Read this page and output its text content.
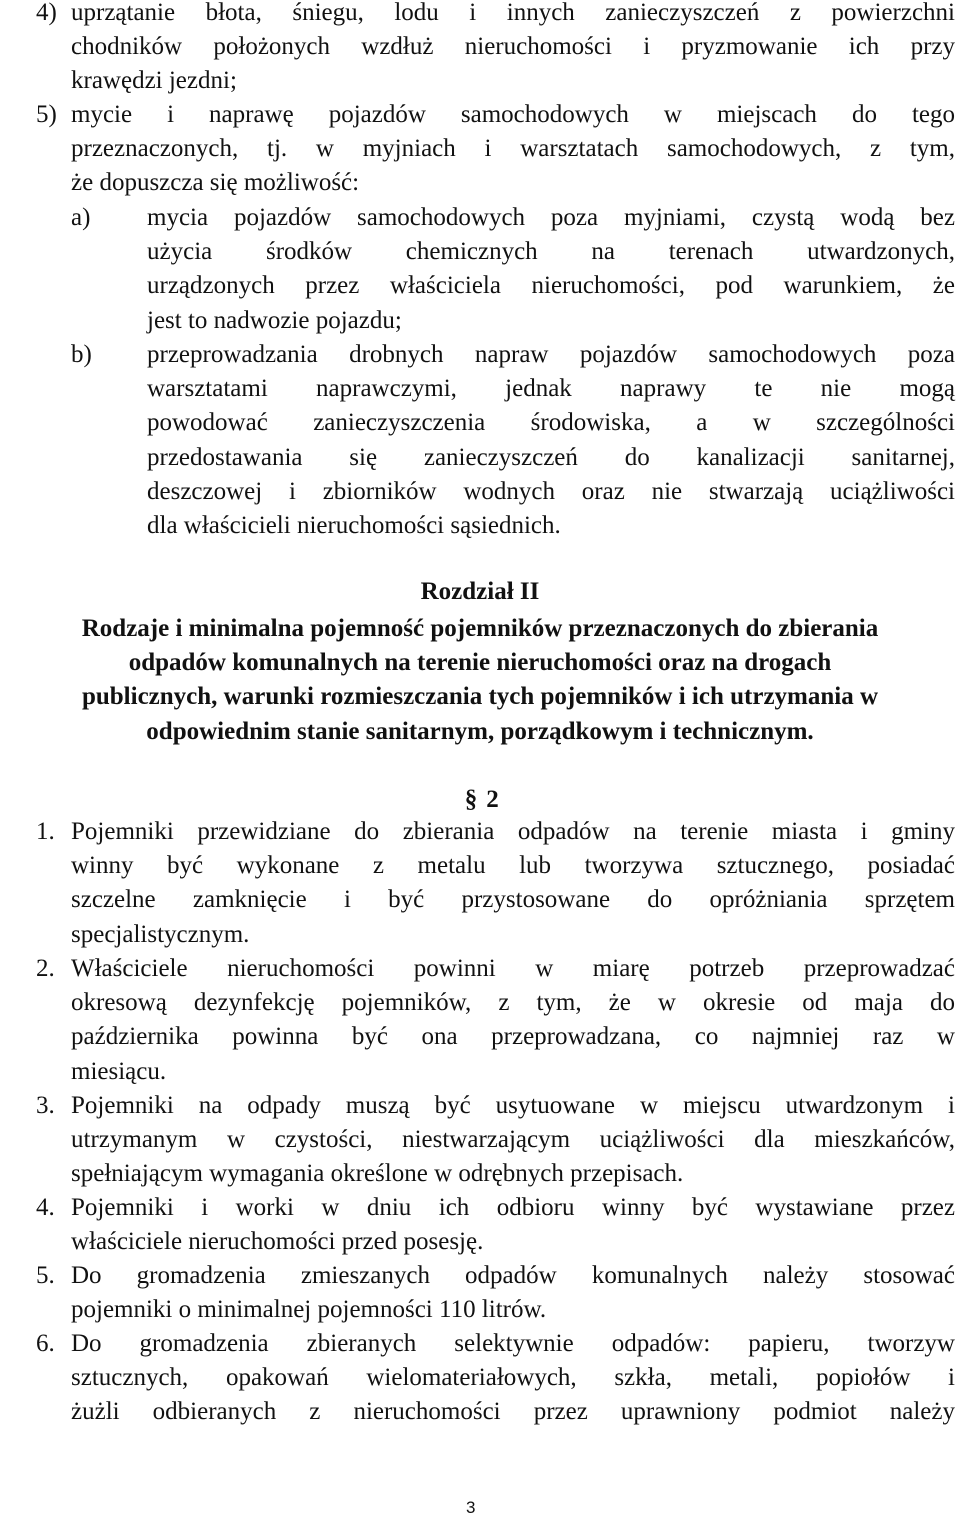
4) uprzątanie błota, śniegu, lodu i innych zanieczyszczeń z powierzchni

chodników położonych wzdłuż nieruchomości i pryzmowanie ich przy

krawędzi jezdni;

5) mycie i naprawę pojazdów samochodowych w miejscach do tego

przeznaczonych, tj. w myjniach i warsztatach samochodowych, z tym,

że dopuszcza się możliwość:

a) mycia pojazdów samochodowych poza myjniami, czystą wodą bez

użycia środków chemicznych na terenach utwardzonych,

urządzonych przez właściciela nieruchomości, pod warunkiem, że

jest to nadwozie pojazdu;

b) przeprowadzania drobnych napraw pojazdów samochodowych poza

warsztatami naprawczymi, jednak naprawy te nie mogą

powodować zanieczyszczenia środowiska, a w szczególności

przedostawania się zanieczyszczeń do kanalizacji sanitarnej,

deszczowej i zbiorników wodnych oraz nie stwarzają uciążliwości

dla właścicieli nieruchomości sąsiednich.

Rozdział II

Rodzaje i minimalna pojemność pojemników przeznaczonych do zbierania

odpadów komunalnych na terenie nieruchomości oraz na drogach

publicznych, warunki rozmieszczania tych pojemników i ich utrzymania w

odpowiednim stanie sanitarnym, porządkowym i technicznym.

§ 2
1. Pojemniki przewidziane do zbierania odpadów na terenie miasta i gminy

winny być wykonane z metalu lub tworzywa sztucznego, posiadać

szczelne zamknięcie i być przystosowane do opróżniania sprzętem

specjalistycznym.

2. Właściciele nieruchomości powinni w miarę potrzeb przeprowadzać

okresową dezynfekcję pojemników, z tym, że w okresie od maja do

października powinna być ona przeprowadzana, co najmniej raz w

miesiącu.

3. Pojemniki na odpady muszą być usytuowane w miejscu utwardzonym i

utrzymanym w czystości, niestwarzającym uciążliwości dla mieszkańców,

spełniającym wymagania określone w odrębnych przepisach.

4. Pojemniki i worki w dniu ich odbioru winny być wystawiane przez

właściciele nieruchomości przed posesję.

5. Do gromadzenia zmieszanych odpadów komunalnych należy stosować

pojemniki o minimalnej pojemności 110 litrów.

6. Do gromadzenia zbieranych selektywnie odpadów: papieru, tworzyw

sztucznych, opakowań wielomateriałowych, szkła, metali, popiołów i

żużli odbieranych z nieruchomości przez uprawniony podmiot należy

3
